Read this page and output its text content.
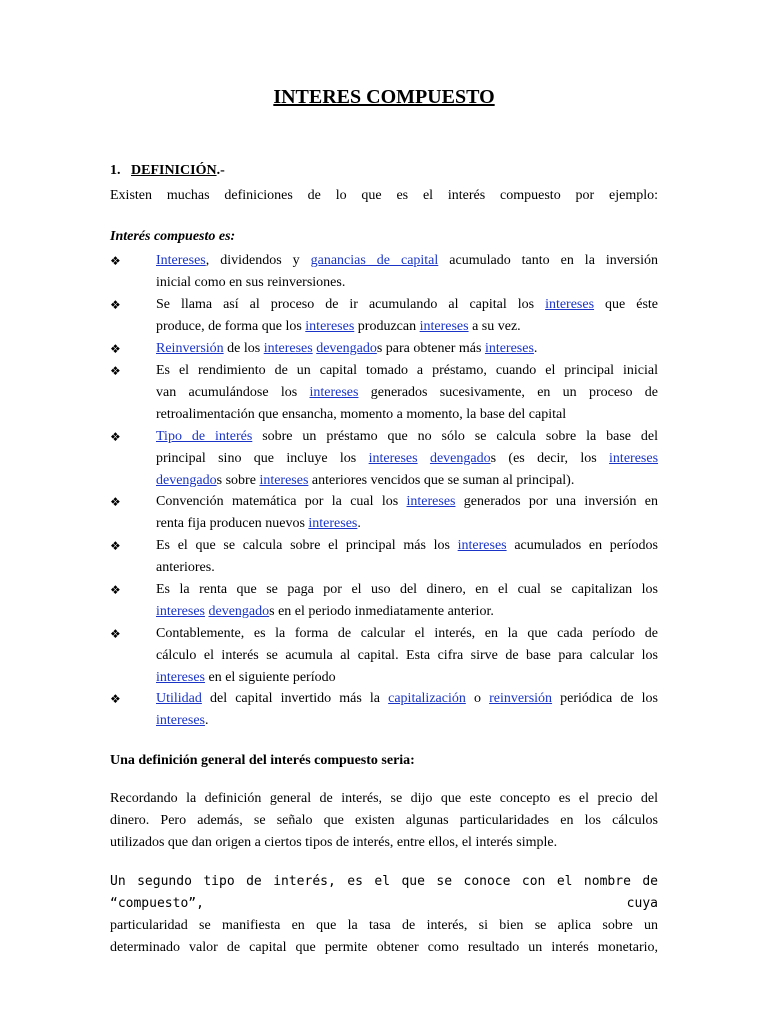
INTERES COMPUESTO
1. DEFINICIÓN.-
Existen muchas definiciones de lo que es el interés compuesto por ejemplo:
Interés compuesto es:
❖	Intereses, dividendos y ganancias de capital acumulado tanto en la inversión
inicial como en sus reinversiones.
❖	Se llama así al proceso de ir acumulando al capital los intereses que éste
produce, de forma que los intereses produzcan intereses a su vez.
❖	Reinversión de los intereses devengados para obtener más intereses.
❖	Es el rendimiento de un capital tomado a préstamo, cuando el principal inicial
van acumulándose los intereses generados sucesivamente, en un proceso de
retroalimentación que ensancha, momento a momento, la base del capital
❖	Tipo de interés sobre un préstamo que no sólo se calcula sobre la base del
principal sino que incluye los intereses devengados (es decir, los intereses
devengados sobre intereses anteriores vencidos que se suman al principal).
❖	Convención matemática por la cual los intereses generados por una inversión en
renta fija producen nuevos intereses.
❖	Es el que se calcula sobre el principal más los intereses acumulados en períodos
anteriores.
❖	Es la renta que se paga por el uso del dinero, en el cual se capitalizan los
intereses devengados en el periodo inmediatamente anterior.
❖	Contablemente, es la forma de calcular el interés, en la que cada período de
cálculo el interés se acumula al capital. Esta cifra sirve de base para calcular los
intereses en el siguiente período
❖	Utilidad del capital invertido más la capitalización o reinversión periódica de los
intereses.
Una definición general del interés compuesto seria:
Recordando la definición general de interés, se dijo que este concepto es el precio del
dinero. Pero además, se señalo que existen algunas particularidades en los cálculos
utilizados que dan origen a ciertos tipos de interés, entre ellos, el interés simple.
Un segundo tipo de interés, es el que se conoce con el nombre de “compuesto”, cuya
particularidad se manifiesta en que la tasa de interés, si bien se aplica sobre un
determinado valor de capital que permite obtener como resultado un interés monetario,
